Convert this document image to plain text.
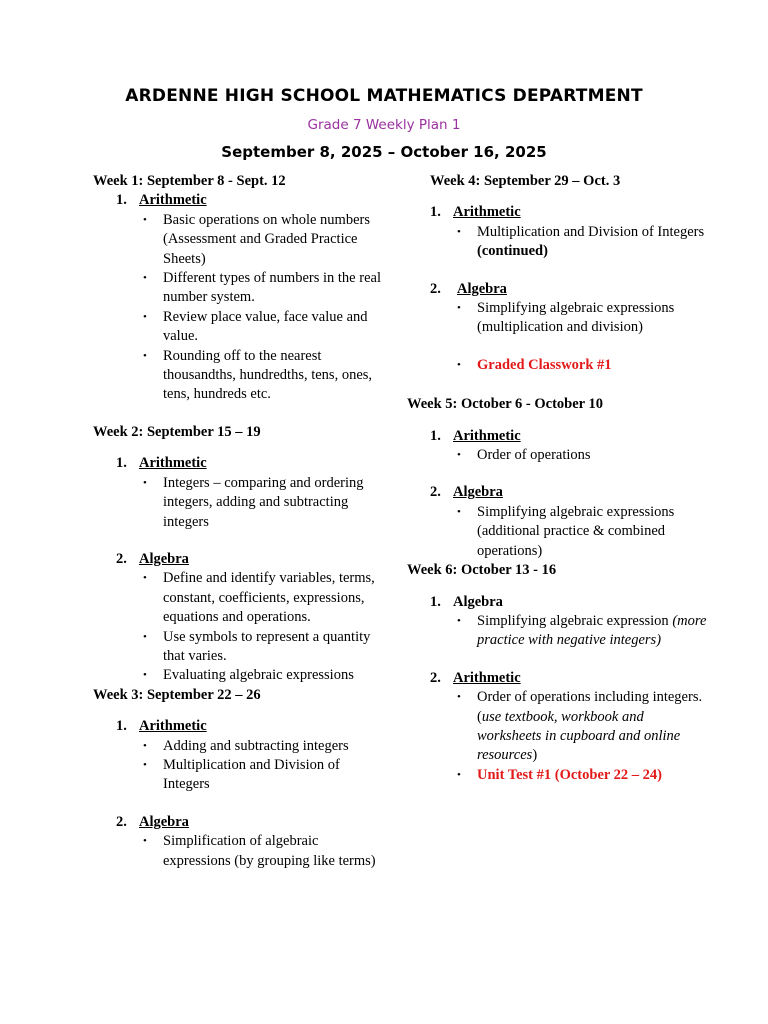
ARDENNE HIGH SCHOOL MATHEMATICS DEPARTMENT
Grade 7 Weekly Plan 1
September 8, 2025 – October 16, 2025
Week 1: September 8 - Sept. 12
1. Arithmetic
•	Basic operations on whole numbers (Assessment and Graded Practice Sheets)
•	Different types of numbers in the real number system.
•	Review place value, face value and value.
•	Rounding off to the nearest thousandths, hundredths, tens, ones, tens, hundreds etc.
Week 2: September 15 – 19
1. Arithmetic
•	Integers – comparing and ordering integers, adding and subtracting integers
2. Algebra
•	Define and identify variables, terms, constant, coefficients, expressions, equations and operations.
•	Use symbols to represent a quantity that varies.
•	Evaluating algebraic expressions
Week 3: September 22 – 26
1. Arithmetic
•	Adding and subtracting integers
•	Multiplication and Division of Integers
2. Algebra
•	Simplification of algebraic expressions (by grouping like terms)
Week 4: September 29 – Oct. 3
1. Arithmetic
•	Multiplication and Division of Integers (continued)
2.	Algebra
•	Simplifying algebraic expressions (multiplication and division)
•	Graded Classwork #1
Week 5: October 6 - October 10
1. Arithmetic
•	Order of operations
2. Algebra
•	Simplifying algebraic expressions (additional practice & combined operations)
Week 6: October 13 - 16
1. Algebra
•	Simplifying algebraic expression (more practice with negative integers)
2. Arithmetic
•	Order of operations including integers.
(use textbook, workbook and worksheets in cupboard and online resources)
•	Unit Test #1 (October 22 – 24)
